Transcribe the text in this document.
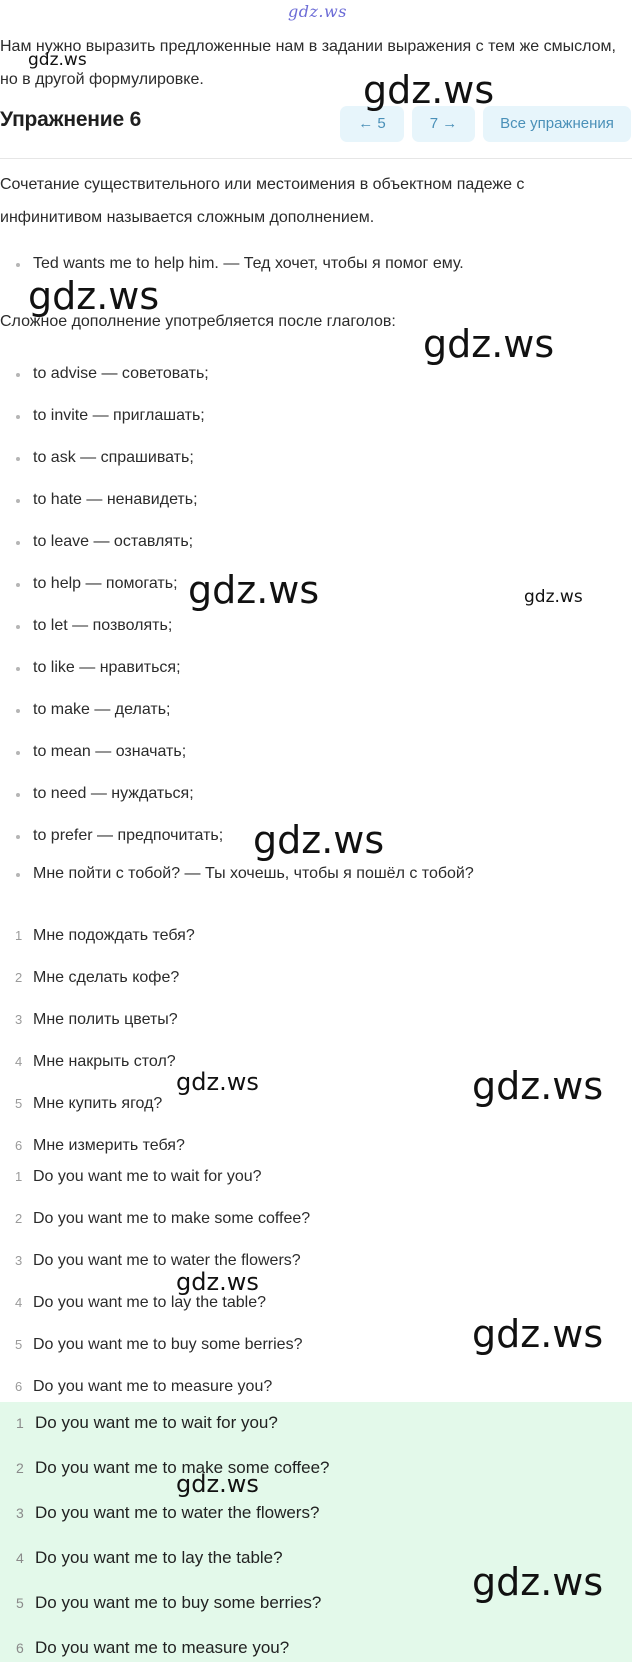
gdz.ws
Нам нужно выразить предложенные нам в задании выражения с тем же смыслом, но в другой формулировке.
Упражнение 6	← 5	7 →	Все упражнения
Сочетание существительного или местоимения в объектном падеже с инфинитивом называется сложным дополнением.
Ted wants me to help him. — Тед хочет, чтобы я помог ему.
Сложное дополнение употребляется после глаголов:
to advise — советовать;
to invite — приглашать;
to ask — спрашивать;
to hate — ненавидеть;
to leave — оставлять;
to help — помогать;
to let — позволять;
to like — нравиться;
to make — делать;
to mean — означать;
to need — нуждаться;
to prefer — предпочитать;
Мне пойти с тобой? — Ты хочешь, чтобы я пошёл с тобой?
1 Мне подождать тебя?
2 Мне сделать кофе?
3 Мне полить цветы?
4 Мне накрыть стол?
5 Мне купить ягод?
6 Мне измерить тебя?
1 Do you want me to wait for you?
2 Do you want me to make some coffee?
3 Do you want me to water the flowers?
4 Do you want me to lay the table?
5 Do you want me to buy some berries?
6 Do you want me to measure you?
1 Do you want me to wait for you?
2 Do you want me to make some coffee?
3 Do you want me to water the flowers?
4 Do you want me to lay the table?
5 Do you want me to buy some berries?
6 Do you want me to measure you?
gdz.ws
gdz.ws
gdz.ws
gdz.ws
gdz.ws	gdz.ws
gdz.ws
gdz.ws	gdz.ws
gdz.ws
gdz.ws
gdz.ws
gdz.ws
